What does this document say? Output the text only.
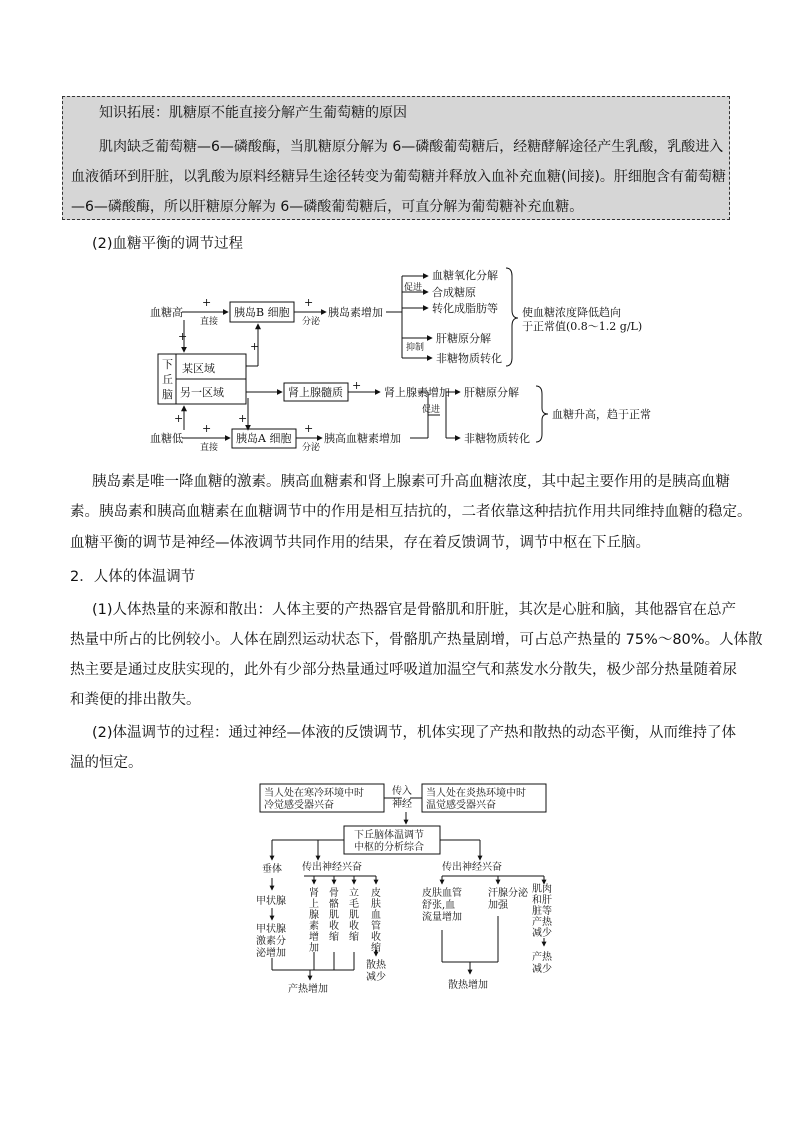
知识拓展：肌糖原不能直接分解产生葡萄糖的原因

肌肉缺乏葡萄糖—6—磷酸酶，当肌糖原分解为 6—磷酸葡萄糖后，经糖酵解途径产生乳酸，乳酸进入

血液循环到肝脏，以乳酸为原料经糖异生途径转变为葡萄糖并释放入血补充血糖(间接)。肝细胞含有葡萄糖

—6—磷酸酶，所以肝糖原分解为 6—磷酸葡萄糖后，可直分解为葡萄糖补充血糖。

(2)血糖平衡的调节过程

血糖高
+
直接
胰岛B 细胞
+
分泌
胰岛素增加
+
下
丘
脑
某区域
另一区域
+
肾上腺髓质
+
肾上腺素增加
+
+
血糖低
+
直接
胰岛A 细胞
+
分泌
胰高血糖素增加
促进
抑制
血糖氧化分解
合成糖原
转化成脂肪等
肝糖原分解
非糖物质转化
使血糖浓度降低趋向
于正常值(0.8～1.2 g/L)
促进
肝糖原分解
非糖物质转化
血糖升高，趋于正常

胰岛素是唯一降血糖的激素。胰高血糖素和肾上腺素可升高血糖浓度，其中起主要作用的是胰高血糖

素。胰岛素和胰高血糖素在血糖调节中的作用是相互拮抗的，二者依靠这种拮抗作用共同维持血糖的稳定。

血糖平衡的调节是神经—体液调节共同作用的结果，存在着反馈调节，调节中枢在下丘脑。

2．人体的体温调节

(1)人体热量的来源和散出：人体主要的产热器官是骨骼肌和肝脏，其次是心脏和脑，其他器官在总产

热量中所占的比例较小。人体在剧烈运动状态下，骨骼肌产热量剧增，可占总产热量的 75%～80%。人体散

热主要是通过皮肤实现的，此外有少部分热量通过呼吸道加温空气和蒸发水分散失，极少部分热量随着尿

和粪便的排出散失。

(2)体温调节的过程：通过神经—体液的反馈调节，机体实现了产热和散热的动态平衡，从而维持了体

温的恒定。

当人处在寒冷环境中时
冷觉感受器兴奋
传入
神经
当人处在炎热环境中时
温觉感受器兴奋
下丘脑体温调节
中枢的分析综合
垂体 传出神经兴奋	传出神经兴奋
甲状腺
甲状腺
激素分
泌增加
肾
上
腺
素
增
加
骨
骼
肌
收
缩
立
毛
肌
收
缩
皮
肤
血
管
收
缩
散热
减少
产热增加
皮肤血管
舒张,血
流量增加
汗腺分泌
加强
肌肉
和肝
脏等
产热
减少
产热
减少
散热增加
